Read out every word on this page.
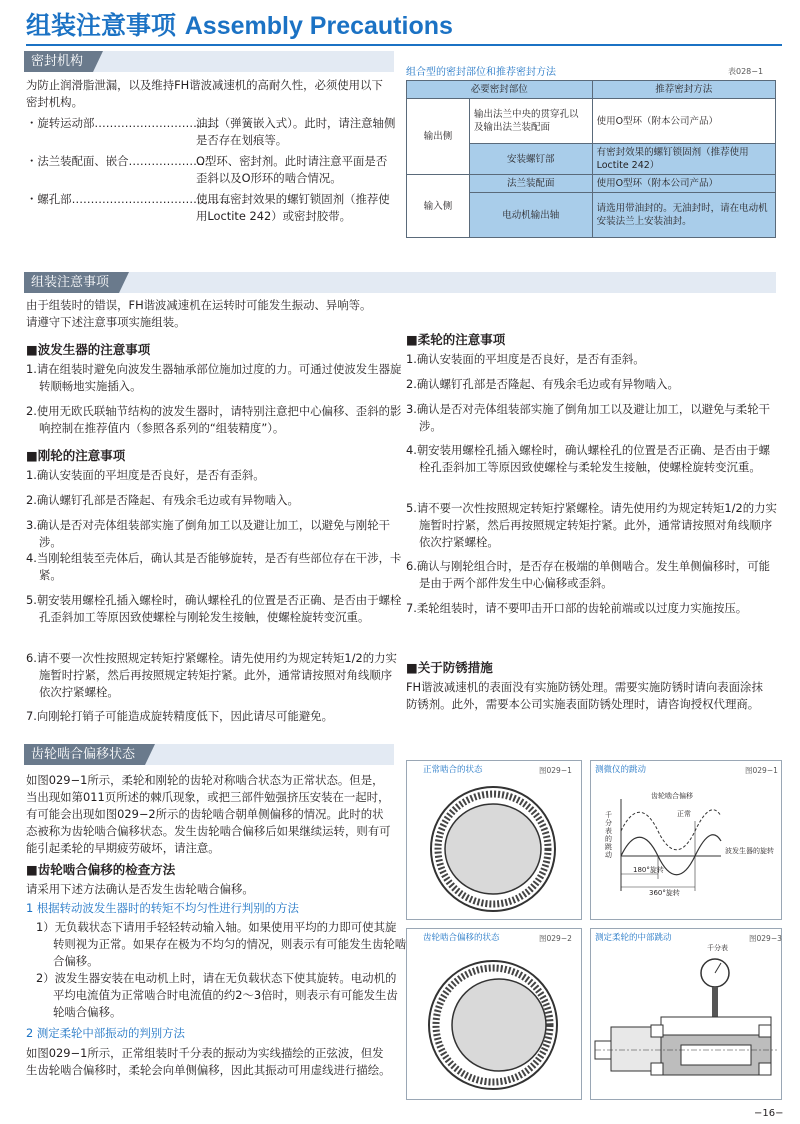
组装注意事项 Assembly Precautions
密封机构
为防止润滑脂泄漏，以及维持FH谐波减速机的高耐久性，必须使用以下密封机构。
・旋转运动部……………………………
油封（弹簧嵌入式）。此时，请注意轴侧是否存在划痕等。
・法兰装配面、嵌合…………………
O型环、密封剂。此时请注意平面是否歪斜以及O形环的啮合情况。
・螺孔部……………………………………
使用有密封效果的螺钉锁固剂（推荐使用Loctite 242）或密封胶带。
组合型的密封部位和推荐密封方法	表028−1
必要密封部位		推荐密封方法
输出侧	输出法兰中央的贯穿孔以及输出法兰装配面	使用O型环（附本公司产品）
	安装螺钉部	有密封效果的螺钉锁固剂（推荐使用Loctite 242）
输入侧	法兰装配面	使用O型环（附本公司产品）
	电动机输出轴	请选用带油封的。无油封时，请在电动机安装法兰上安装油封。
组装注意事项
由于组装时的错误，FH谐波减速机在运转时可能发生振动、异响等。请遵守下述注意事项实施组装。
■波发生器的注意事项
1.请在组装时避免向波发生器轴承部位施加过度的力。可通过使波发生器旋转顺畅地实施插入。
2.使用无欧氏联轴节结构的波发生器时，请特别注意把中心偏移、歪斜的影响控制在推荐值内（参照各系列的“组装精度”）。
■刚轮的注意事项
1.确认安装面的平坦度是否良好，是否有歪斜。
2.确认螺钉孔部是否隆起、有残余毛边或有异物啮入。
3.确认是否对壳体组装部实施了倒角加工以及避让加工，以避免与刚轮干涉。
4.当刚轮组装至壳体后，确认其是否能够旋转，是否有些部位存在干涉，卡紧。
5.朝安装用螺栓孔插入螺栓时，确认螺栓孔的位置是否正确、是否由于螺栓孔歪斜加工等原因致使螺栓与刚轮发生接触，使螺栓旋转变沉重。
6.请不要一次性按照规定转矩拧紧螺栓。请先使用约为规定转矩1/2的力实施暂时拧紧，然后再按照规定转矩拧紧。此外，通常请按照对角线顺序依次拧紧螺栓。
7.向刚轮打销子可能造成旋转精度低下，因此请尽可能避免。
■柔轮的注意事项
1.确认安装面的平坦度是否良好，是否有歪斜。
2.确认螺钉孔部是否隆起、有残余毛边或有异物啮入。
3.确认是否对壳体组装部实施了倒角加工以及避让加工，以避免与柔轮干涉。
4.朝安装用螺栓孔插入螺栓时，确认螺栓孔的位置是否正确、是否由于螺栓孔歪斜加工等原因致使螺栓与柔轮发生接触，使螺栓旋转变沉重。
5.请不要一次性按照规定转矩拧紧螺栓。请先使用约为规定转矩1/2的力实施暂时拧紧，然后再按照规定转矩拧紧。此外，通常请按照对角线顺序依次拧紧螺栓。
6.确认与刚轮组合时，是否存在极端的单侧啮合。发生单侧偏移时，可能是由于两个部件发生中心偏移或歪斜。
7.柔轮组装时，请不要叩击开口部的齿轮前端或以过度力实施按压。
■关于防锈措施
FH谐波减速机的表面没有实施防锈处理。需要实施防锈时请向表面涂抹防锈剂。此外，需要本公司实施表面防锈处理时，请咨询授权代理商。
齿轮啮合偏移状态
如图029−1所示，柔轮和刚轮的齿轮对称啮合状态为正常状态。但是，当出现如第011页所述的棘爪现象，或把三部件勉强挤压安装在一起时，有可能会出现如图029−2所示的齿轮啮合朝单侧偏移的情况。此时的状态被称为齿轮啮合偏移状态。发生齿轮啮合偏移后如果继续运转，则有可能引起柔轮的早期疲劳破坏，请注意。
■齿轮啮合偏移的检查方法
请采用下述方法确认是否发生齿轮啮合偏移。
1 根据转动波发生器时的转矩不均匀性进行判别的方法
1）无负载状态下请用手轻轻转动输入轴。如果使用平均的力即可使其旋转则视为正常。如果存在极为不均匀的情况，则表示有可能发生齿轮啮合偏移。
2）波发生器安装在电动机上时，请在无负载状态下使其旋转。电动机的平均电流值为正常啮合时电流值的约2～3倍时，则表示有可能发生齿轮啮合偏移。
2 测定柔轮中部振动的判别方法
如图029−1所示，正常组装时千分表的振动为实线描绘的正弦波，但发生齿轮啮合偏移时，柔轮会向单侧偏移，因此其振动可用虚线进行描绘。
正常啮合的状态	图029−1	测微仪的跳动	图029−1
千分表的跳动
齿轮啮合偏移
正常
波发生器的旋转
180°旋转
360°旋转
齿轮啮合偏移的状态	图029−2	测定柔轮的中部跳动	图029−3
千分表
−16−
